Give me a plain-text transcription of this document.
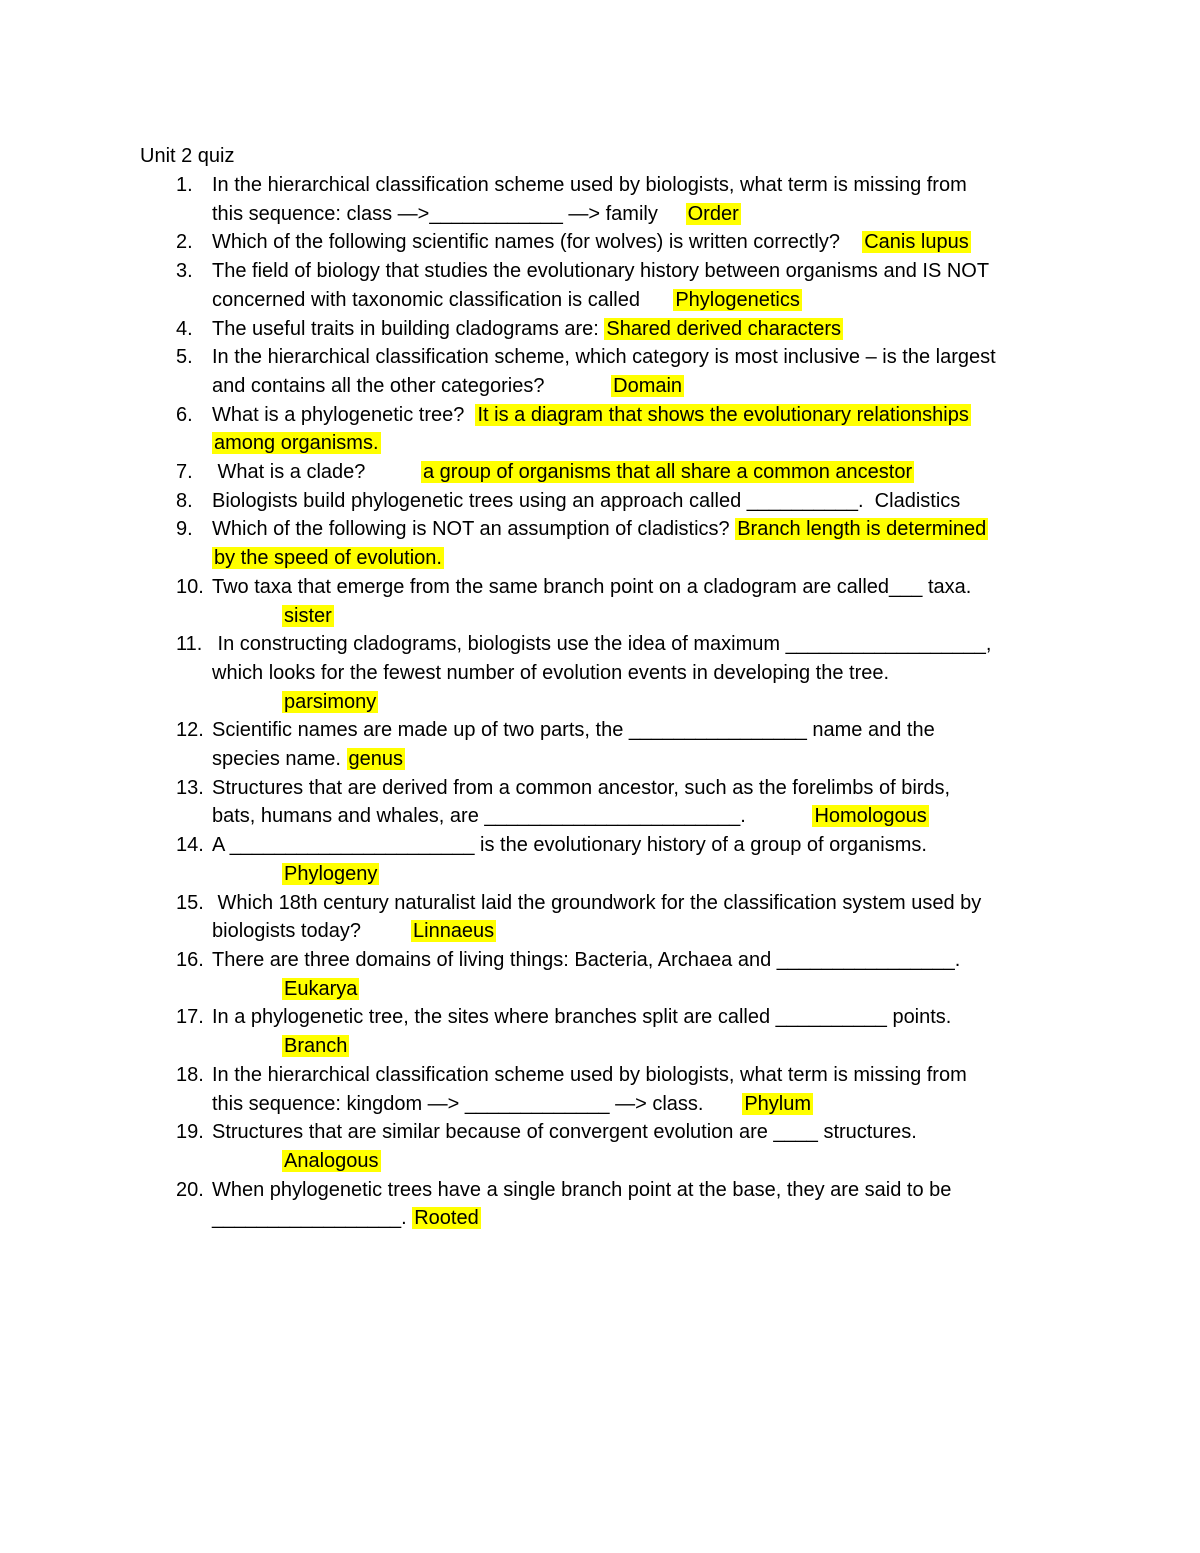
Unit 2 quiz
1. In the hierarchical classification scheme used by biologists, what term is missing from
this sequence: class —>____________ —> family     Order
2. Which of the following scientific names (for wolves) is written correctly?    Canis lupus
3. The field of biology that studies the evolutionary history between organisms and IS NOT
concerned with taxonomic classification is called      Phylogenetics
4. The useful traits in building cladograms are: Shared derived characters
5. In the hierarchical classification scheme, which category is most inclusive – is the largest
and contains all the other categories?            Domain
6. What is a phylogenetic tree?  It is a diagram that shows the evolutionary relationships
among organisms.
7. What is a clade?          a group of organisms that all share a common ancestor
8. Biologists build phylogenetic trees using an approach called __________.  Cladistics
9. Which of the following is NOT an assumption of cladistics? Branch length is determined
by the speed of evolution.
10. Two taxa that emerge from the same branch point on a cladogram are called___ taxa.
sister
11. In constructing cladograms, biologists use the idea of maximum __________________,
which looks for the fewest number of evolution events in developing the tree.
parsimony
12. Scientific names are made up of two parts, the ________________ name and the
species name. genus
13. Structures that are derived from a common ancestor, such as the forelimbs of birds,
bats, humans and whales, are _______________________.            Homologous
14. A ______________________ is the evolutionary history of a group of organisms.
Phylogeny
15. Which 18th century naturalist laid the groundwork for the classification system used by
biologists today?         Linnaeus
16. There are three domains of living things: Bacteria, Archaea and ________________.
Eukarya
17. In a phylogenetic tree, the sites where branches split are called __________ points.
Branch
18. In the hierarchical classification scheme used by biologists, what term is missing from
this sequence: kingdom —> _____________ —> class.       Phylum
19. Structures that are similar because of convergent evolution are ____ structures.
Analogous
20. When phylogenetic trees have a single branch point at the base, they are said to be
_________________. Rooted
